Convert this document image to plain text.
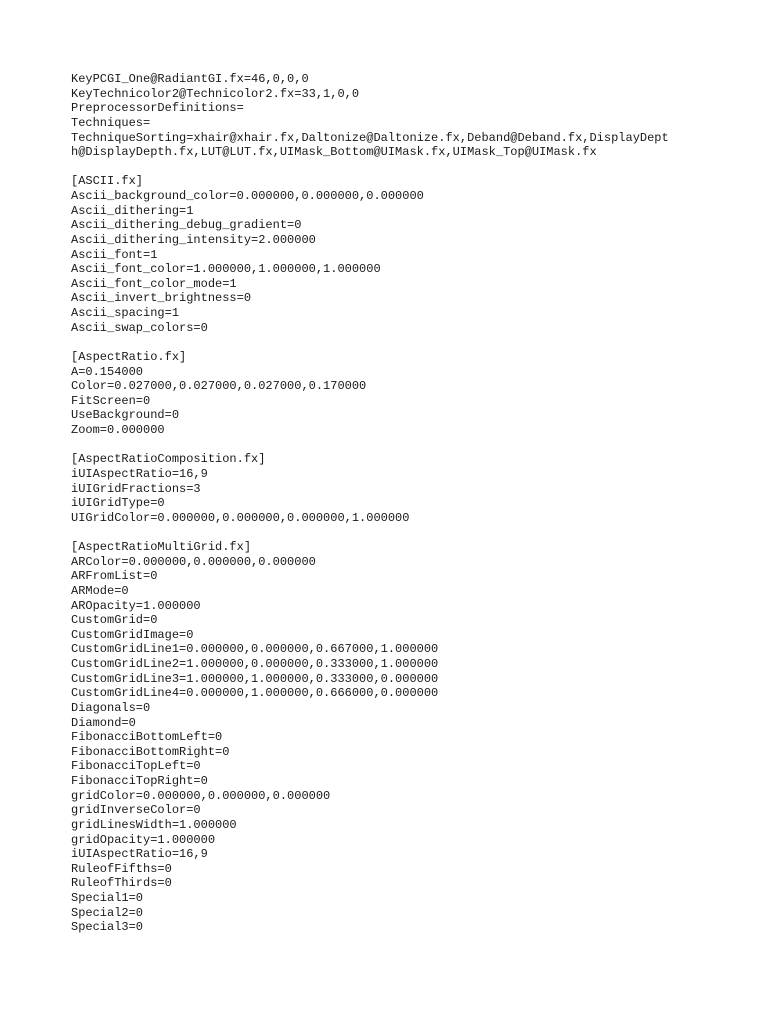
KeyPCGI_One@RadiantGI.fx=46,0,0,0
KeyTechnicolor2@Technicolor2.fx=33,1,0,0
PreprocessorDefinitions=
Techniques=
TechniqueSorting=xhair@xhair.fx,Daltonize@Daltonize.fx,Deband@Deband.fx,DisplayDept
h@DisplayDepth.fx,LUT@LUT.fx,UIMask_Bottom@UIMask.fx,UIMask_Top@UIMask.fx
[ASCII.fx]
Ascii_background_color=0.000000,0.000000,0.000000
Ascii_dithering=1
Ascii_dithering_debug_gradient=0
Ascii_dithering_intensity=2.000000
Ascii_font=1
Ascii_font_color=1.000000,1.000000,1.000000
Ascii_font_color_mode=1
Ascii_invert_brightness=0
Ascii_spacing=1
Ascii_swap_colors=0
[AspectRatio.fx]
A=0.154000
Color=0.027000,0.027000,0.027000,0.170000
FitScreen=0
UseBackground=0
Zoom=0.000000
[AspectRatioComposition.fx]
iUIAspectRatio=16,9
iUIGridFractions=3
iUIGridType=0
UIGridColor=0.000000,0.000000,0.000000,1.000000
[AspectRatioMultiGrid.fx]
ARColor=0.000000,0.000000,0.000000
ARFromList=0
ARMode=0
AROpacity=1.000000
CustomGrid=0
CustomGridImage=0
CustomGridLine1=0.000000,0.000000,0.667000,1.000000
CustomGridLine2=1.000000,0.000000,0.333000,1.000000
CustomGridLine3=1.000000,1.000000,0.333000,0.000000
CustomGridLine4=0.000000,1.000000,0.666000,0.000000
Diagonals=0
Diamond=0
FibonacciBottomLeft=0
FibonacciBottomRight=0
FibonacciTopLeft=0
FibonacciTopRight=0
gridColor=0.000000,0.000000,0.000000
gridInverseColor=0
gridLinesWidth=1.000000
gridOpacity=1.000000
iUIAspectRatio=16,9
RuleofFifths=0
RuleofThirds=0
Special1=0
Special2=0
Special3=0
